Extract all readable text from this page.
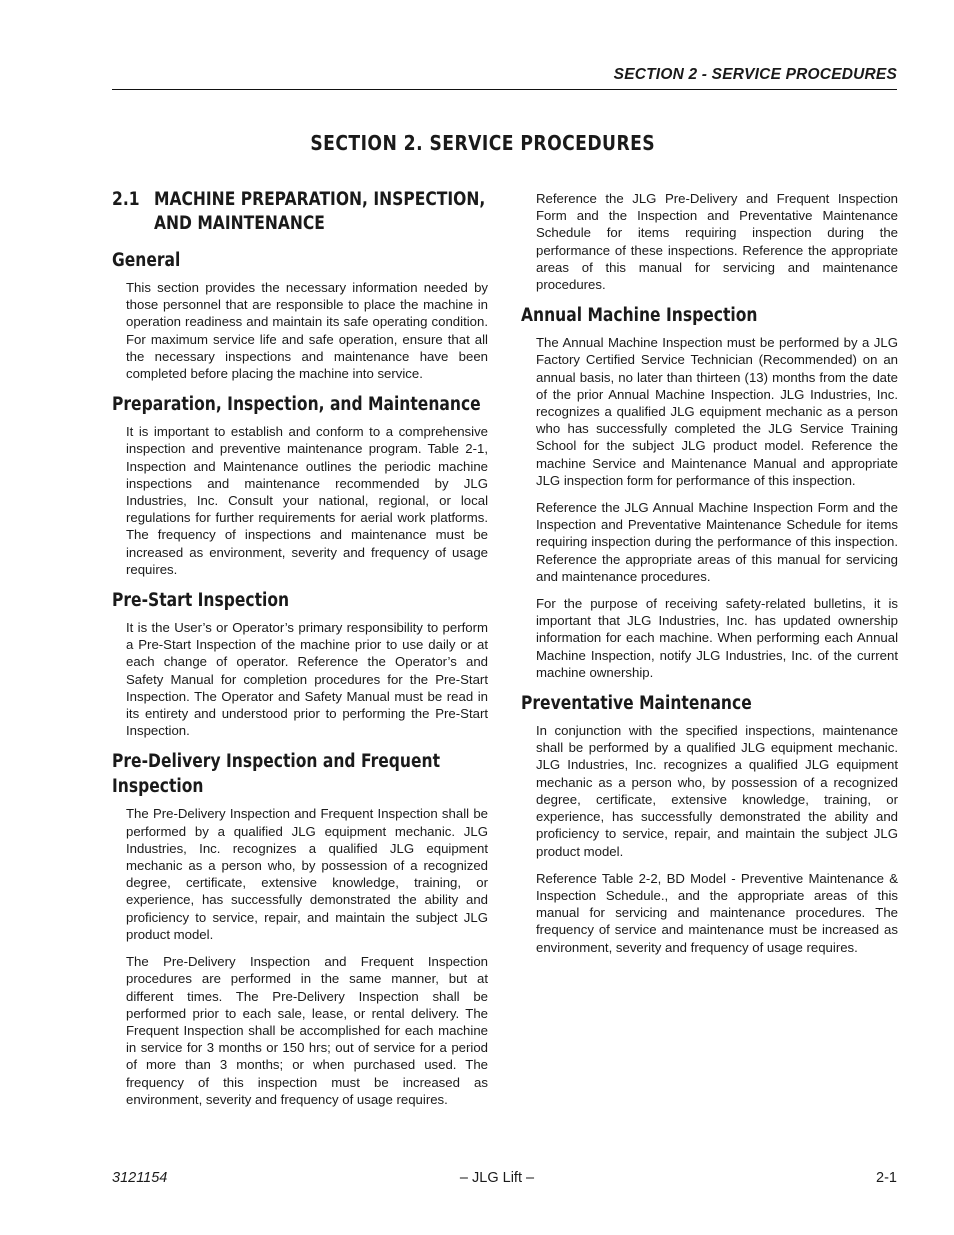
SECTION 2 - SERVICE PROCEDURES
SECTION 2. SERVICE PROCEDURES
2.1 MACHINE PREPARATION, INSPECTION,
AND MAINTENANCE
General

This section provides the necessary information needed by those personnel that are responsible to place the machine in operation readiness and maintain its safe operating condition. For maximum service life and safe operation, ensure that all the necessary inspections and maintenance have been completed before placing the machine into service.

Preparation, Inspection, and Maintenance

It is important to establish and conform to a comprehensive inspection and preventive maintenance program. Table 2-1, Inspection and Maintenance outlines the periodic machine inspections and maintenance recommended by JLG Industries, Inc. Consult your national, regional, or local regulations for further requirements for aerial work platforms. The frequency of inspections and maintenance must be increased as environment, severity and frequency of usage requires.

Pre-Start Inspection

It is the User’s or Operator’s primary responsibility to perform a Pre-Start Inspection of the machine prior to use daily or at each change of operator. Reference the Operator’s and Safety Manual for completion procedures for the Pre-Start Inspection. The Operator and Safety Manual must be read in its entirety and understood prior to performing the Pre-Start Inspection.

Pre-Delivery Inspection and Frequent
Inspection

The Pre-Delivery Inspection and Frequent Inspection shall be performed by a qualified JLG equipment mechanic. JLG Industries, Inc. recognizes a qualified JLG equipment mechanic as a person who, by possession of a recognized degree, certificate, extensive knowledge, training, or experience, has successfully demonstrated the ability and proficiency to service, repair, and maintain the subject JLG product model.

The Pre-Delivery Inspection and Frequent Inspection procedures are performed in the same manner, but at different times. The Pre-Delivery Inspection shall be performed prior to each sale, lease, or rental delivery. The Frequent Inspection shall be accomplished for each machine in service for 3 months or 150 hrs; out of service for a period of more than 3 months; or when purchased used. The frequency of this inspection must be increased as environment, severity and frequency of usage requires.

Reference the JLG Pre-Delivery and Frequent Inspection Form and the Inspection and Preventative Maintenance Schedule for items requiring inspection during the performance of these inspections. Reference the appropriate areas of this manual for servicing and maintenance procedures.

Annual Machine Inspection

The Annual Machine Inspection must be performed by a JLG Factory Certified Service Technician (Recommended) on an annual basis, no later than thirteen (13) months from the date of the prior Annual Machine Inspection. JLG Industries, Inc. recognizes a qualified JLG equipment mechanic as a person who has successfully completed the JLG Service Training School for the subject JLG product model. Reference the machine Service and Maintenance Manual and appropriate JLG inspection form for performance of this inspection.

Reference the JLG Annual Machine Inspection Form and the Inspection and Preventative Maintenance Schedule for items requiring inspection during the performance of this inspection. Reference the appropriate areas of this manual for servicing and maintenance procedures.

For the purpose of receiving safety-related bulletins, it is important that JLG Industries, Inc. has updated ownership information for each machine. When performing each Annual Machine Inspection, notify JLG Industries, Inc. of the current machine ownership.

Preventative Maintenance

In conjunction with the specified inspections, maintenance shall be performed by a qualified JLG equipment mechanic. JLG Industries, Inc. recognizes a qualified JLG equipment mechanic as a person who, by possession of a recognized degree, certificate, extensive knowledge, training, or experience, has successfully demonstrated the ability and proficiency to service, repair, and maintain the subject JLG product model.

Reference Table 2-2, BD Model - Preventive Maintenance & Inspection Schedule., and the appropriate areas of this manual for servicing and maintenance procedures. The frequency of service and maintenance must be increased as environment, severity and frequency of usage requires.

3121154	– JLG Lift –	2-1
